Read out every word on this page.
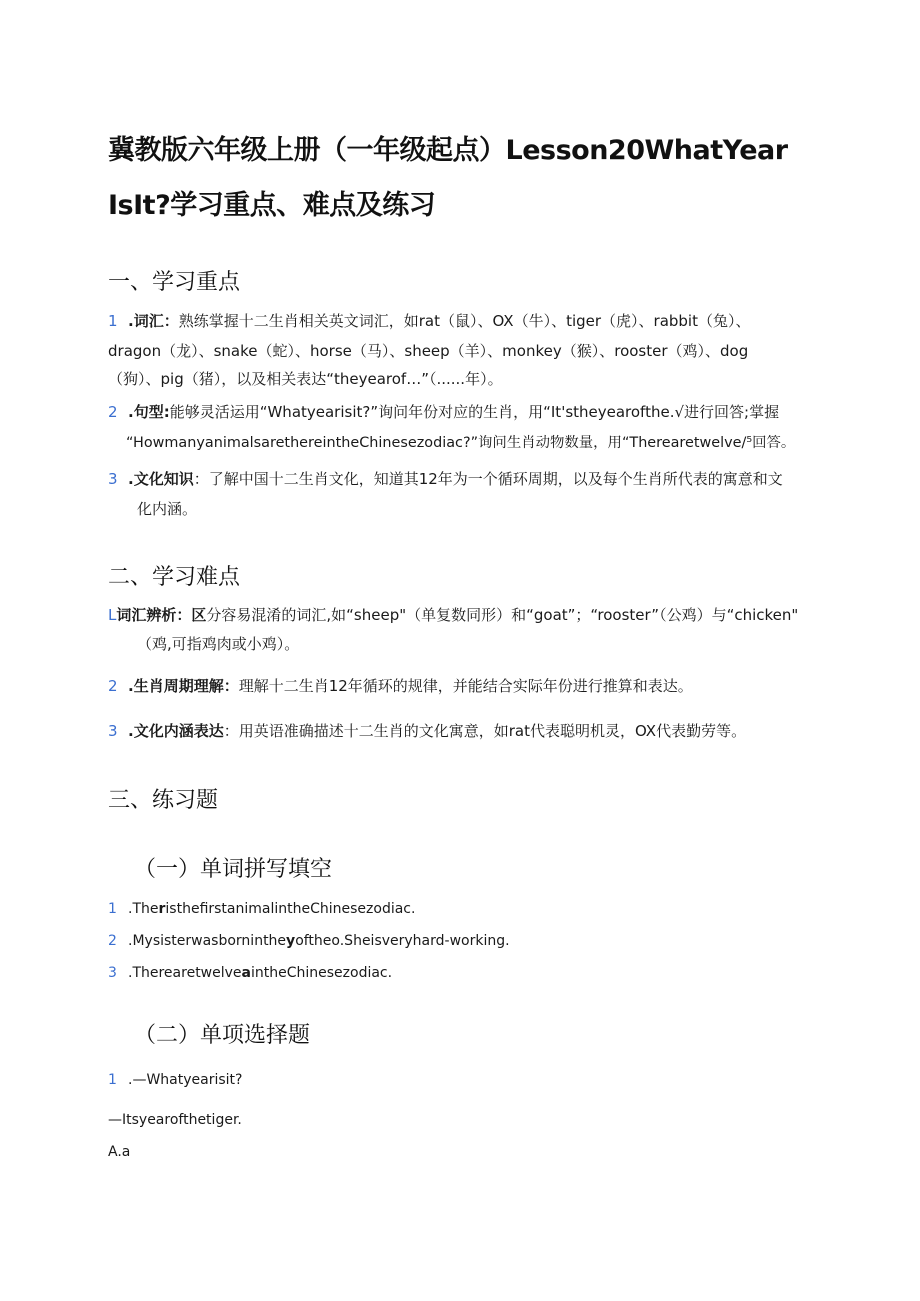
冀教版六年级上册（一年级起点）Lesson20WhatYear
IsIt?学习重点、难点及练习
一、学习重点
1 .词汇：熟练掌握十二生肖相关英文词汇，如rat（鼠）、OX（牛）、tiger（虎）、rabbit（兔）、
dragon（龙）、snake（蛇）、horse（马）、sheep（羊）、monkey（猴）、rooster（鸡）、dog
（狗）、pig（猪），以及相关表达“theyearof…”（......年）。
2 .句型:能够灵活运用“Whatyearisit?”询问年份对应的生肖，用“It'stheyearofthe.√进行回答;掌握
“HowmanyanimalsarethereintheChinesezodiac?”询问生肖动物数量，用“Therearetwelve/⁵回答。
3 .文化知识：了解中国十二生肖文化，知道其12年为一个循环周期，以及每个生肖所代表的寓意和文
化内涵。
二、学习难点
L词汇辨析：区分容易混淆的词汇,如“sheep"（单复数同形）和“goat”；“rooster”（公鸡）与“chicken"
（鸡,可指鸡肉或小鸡）。
2 .生肖周期理解：理解十二生肖12年循环的规律，并能结合实际年份进行推算和表达。
3 .文化内涵表达：用英语准确描述十二生肖的文化寓意，如rat代表聪明机灵，OX代表勤劳等。
三、练习题
（一）单词拼写填空
1 .TheristhefirstanimalintheChinesezodiac.
2 .Mysisterwasbornintheyoftheo.Sheisveryhard-working.
3 .TherearetwelveaintheChinesezodiac.
（二）单项选择题
1 .—Whatyearisit?
—Itsyearofthetiger.
A.a
